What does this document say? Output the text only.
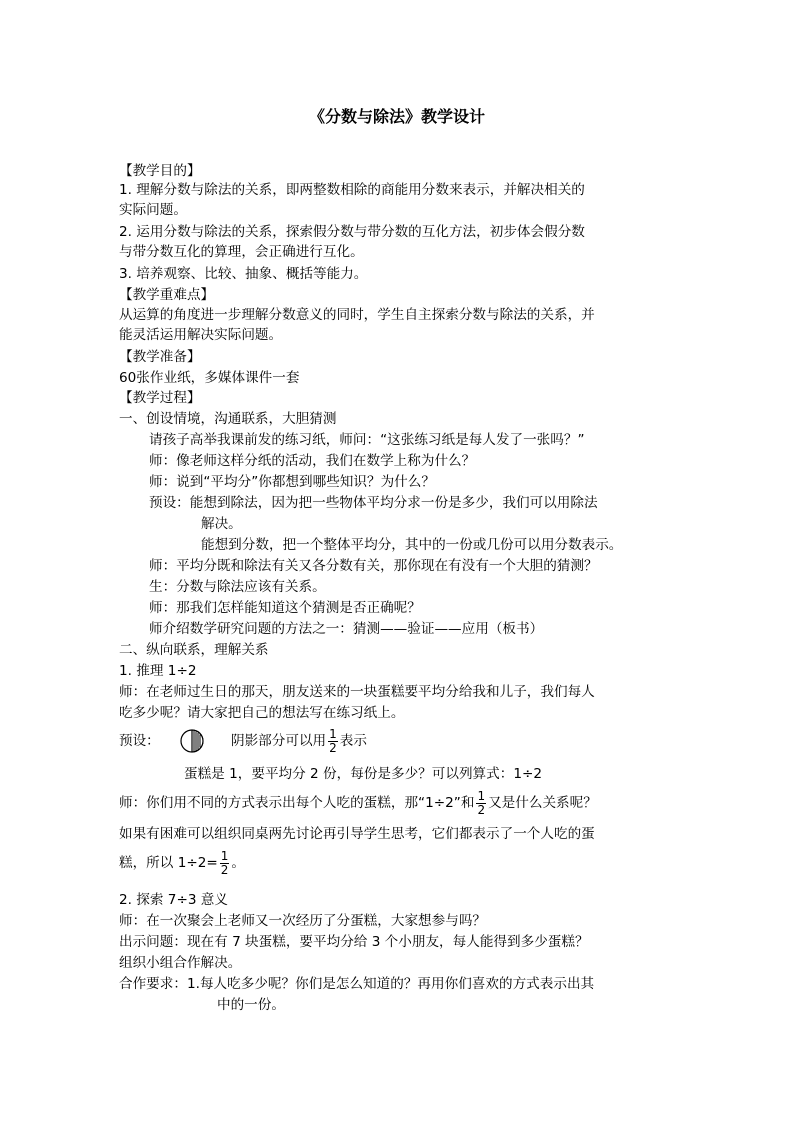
《分数与除法》教学设计
【教学目的】
1. 理解分数与除法的关系，即两整数相除的商能用分数来表示，并解决相关的
实际问题。
2. 运用分数与除法的关系，探索假分数与带分数的互化方法，初步体会假分数
与带分数互化的算理，会正确进行互化。
3. 培养观察、比较、抽象、概括等能力。
【教学重难点】
从运算的角度进一步理解分数意义的同时，学生自主探索分数与除法的关系，并
能灵活运用解决实际问题。
【教学准备】
60张作业纸，多媒体课件一套
【教学过程】
一、创设情境，沟通联系，大胆猜测
请孩子高举我课前发的练习纸，师问：“这张练习纸是每人发了一张吗？”
师：像老师这样分纸的活动，我们在数学上称为什么？
师：说到“平均分”你都想到哪些知识？为什么？
预设：能想到除法，因为把一些物体平均分求一份是多少，我们可以用除法
解决。
能想到分数，把一个整体平均分，其中的一份或几份可以用分数表示。
师：平均分既和除法有关又各分数有关，那你现在有没有一个大胆的猜测？
生：分数与除法应该有关系。
师：那我们怎样能知道这个猜测是否正确呢？
师介绍数学研究问题的方法之一：猜测——验证——应用（板书）
二、纵向联系，理解关系
1. 推理 1÷2
师：在老师过生日的那天，朋友送来的一块蛋糕要平均分给我和儿子，我们每人
吃多少呢？请大家把自己的想法写在练习纸上。
预设：	阴影部分可以用 $\frac{1}{2}$ 表示
蛋糕是 1，要平均分 2 份，每份是多少？可以列算式：1÷2
师：你们用不同的方式表示出每个人吃的蛋糕，那“1÷2”和 $\frac{1}{2}$ 又是什么关系呢？
如果有困难可以组织同桌两先讨论再引导学生思考，它们都表示了一个人吃的蛋
糕，所以 $1\div 2= \frac{1}{2}$ 。
2. 探索 7÷3 意义
师：在一次聚会上老师又一次经历了分蛋糕，大家想参与吗？
出示问题：现在有 7 块蛋糕，要平均分给 3 个小朋友，每人能得到多少蛋糕？
组织小组合作解决。
合作要求：1.每人吃多少呢？你们是怎么知道的？再用你们喜欢的方式表示出其
中的一份。
